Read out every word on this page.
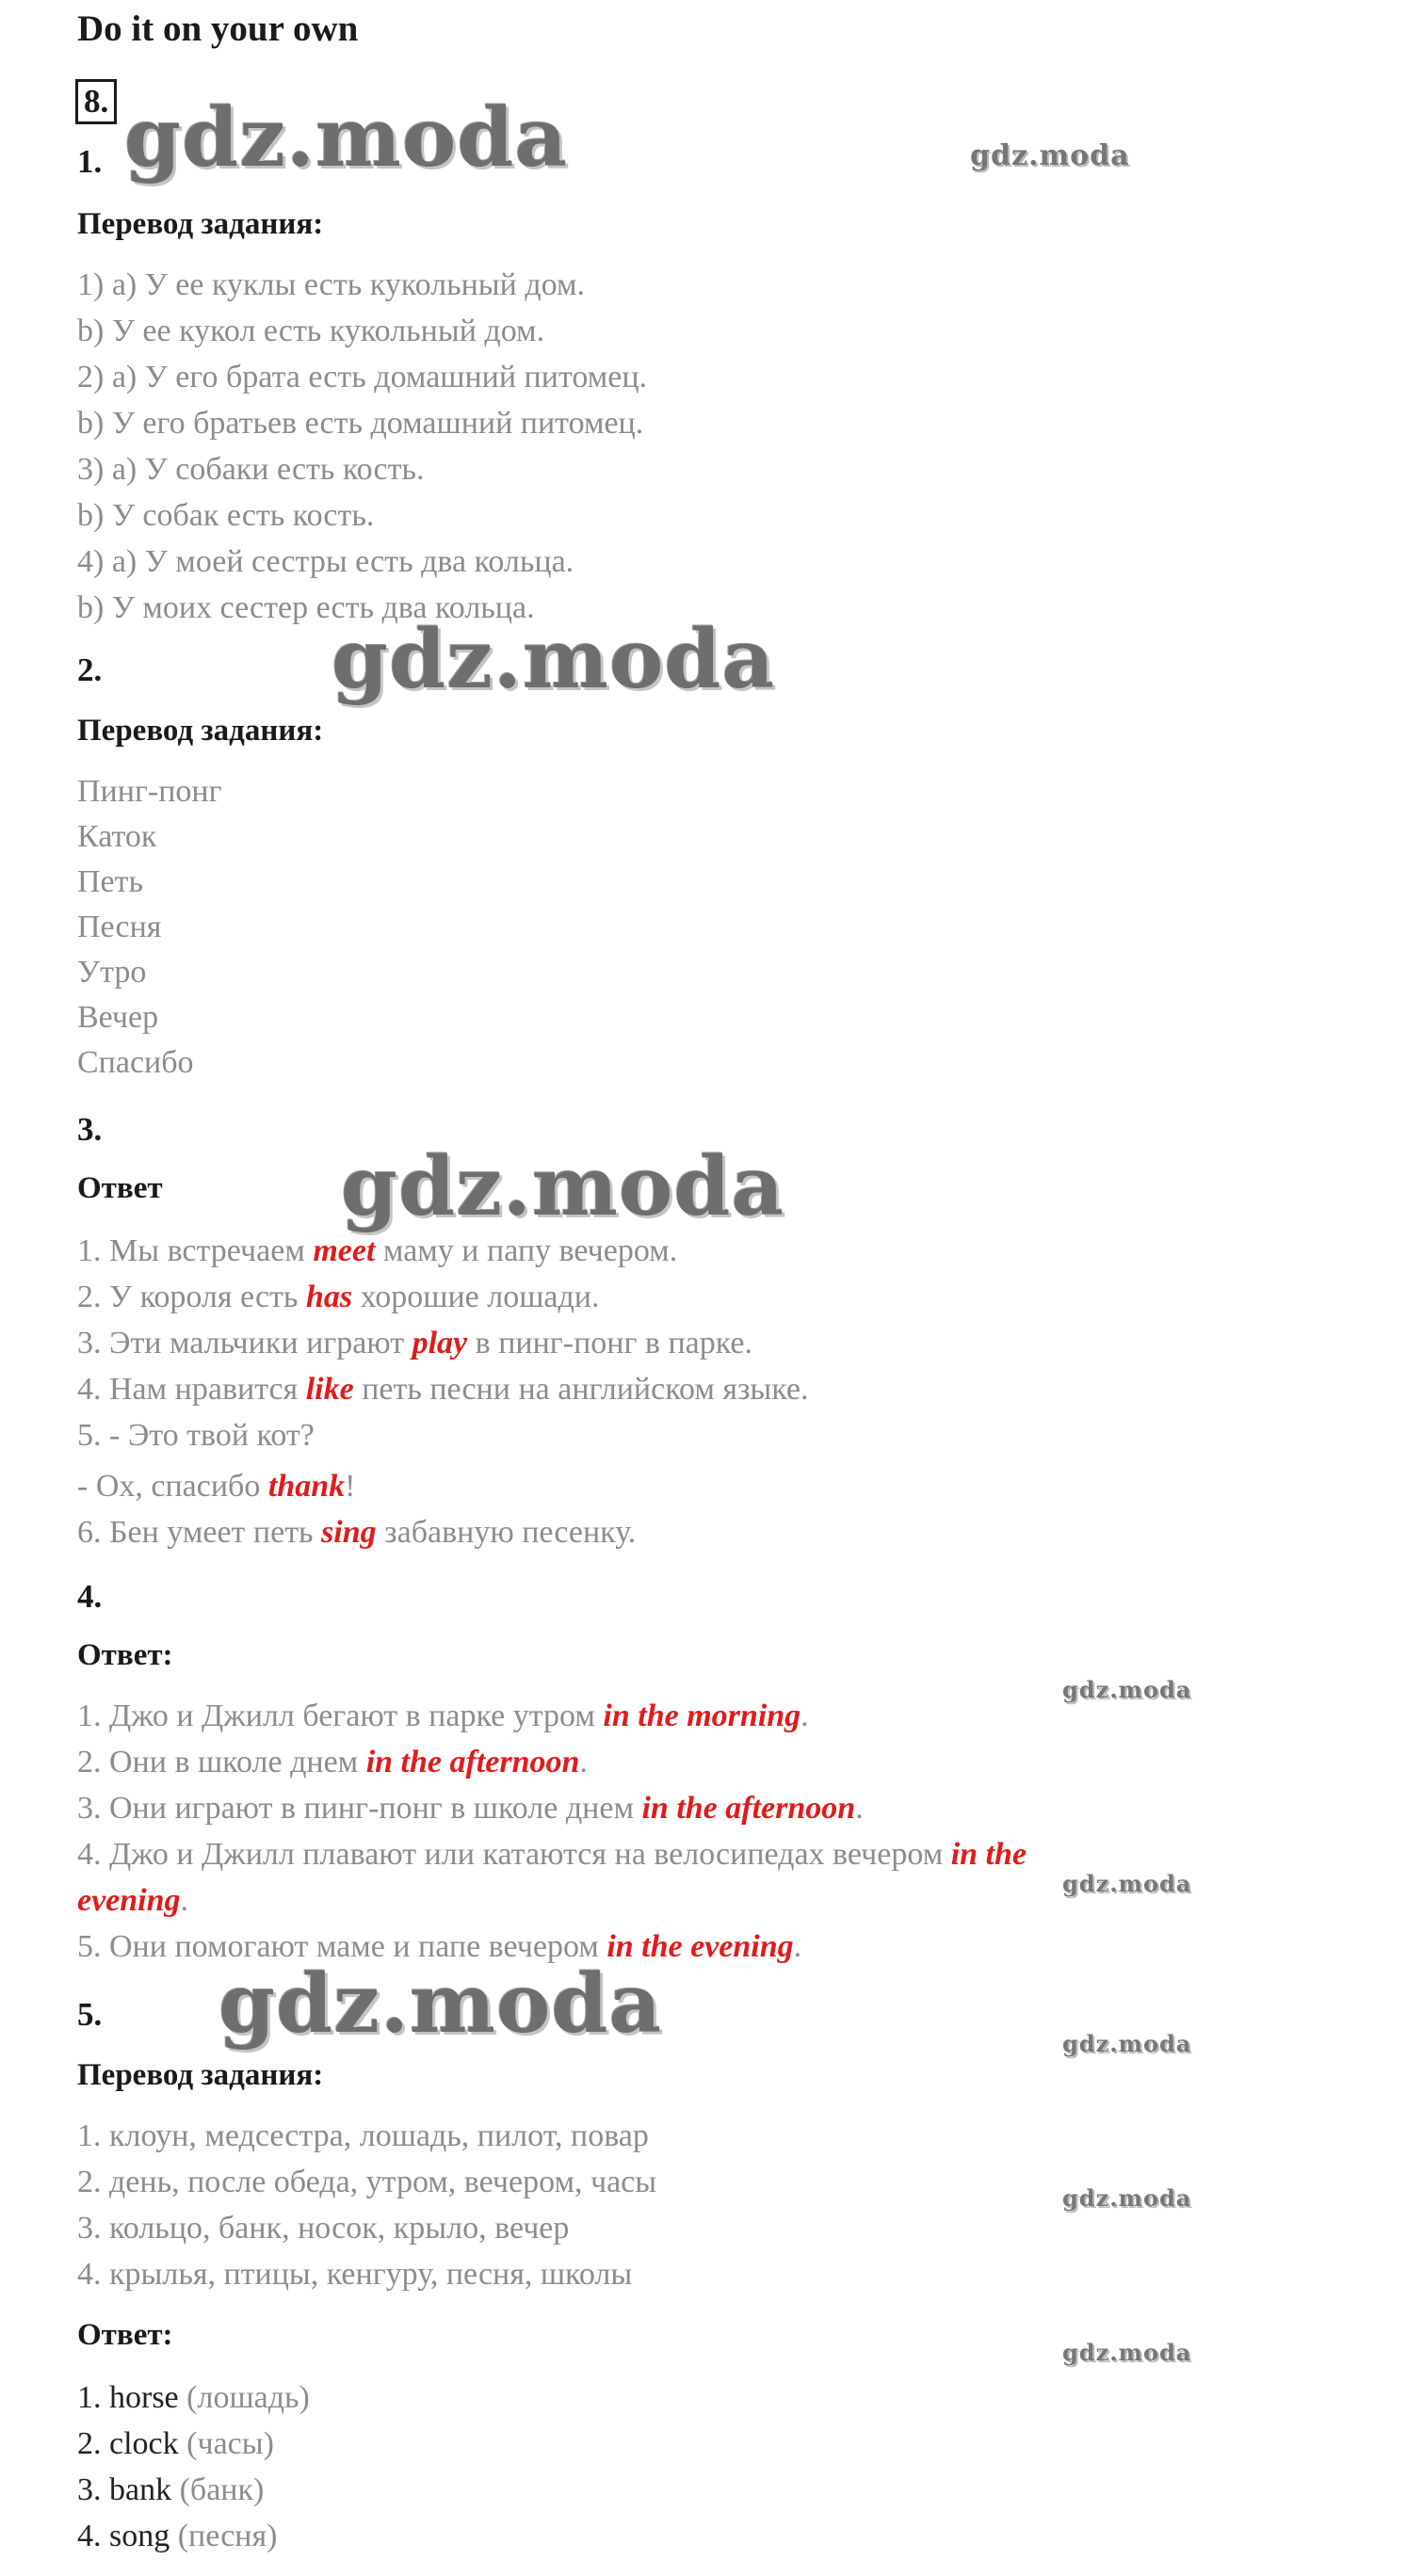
Do it on your own
8.
1. gdz.moda	gdz.moda
Перевод задания:
1) a) У ее куклы есть кукольный дом.
b) У ее кукол есть кукольный дом.
2) a) У его брата есть домашний питомец.
b) У его братьев есть домашний питомец.
3) a) У собаки есть кость.
b) У собак есть кость.
4) a) У моей сестры есть два кольца.
b) У моих сестер есть два кольца.
2.	gdz.moda
Перевод задания:
Пинг-понг
Каток
Петь
Песня
Утро
Вечер
Спасибо
3.
Ответ gdz.moda
1. Мы встречаем meet маму и папу вечером.
2. У короля есть has хорошие лошади.
3. Эти мальчики играют play в пинг-понг в парке.
4. Нам нравится like петь песни на английском языке.
5. - Это твой кот?
- Ох, спасибо thank!
6. Бен умеет петь sing забавную песенку.
4.
Ответ:
gdz.moda
1. Джо и Джилл бегают в парке утром in the morning.
2. Они в школе днем in the afternoon.
3. Они играют в пинг-понг в школе днем in the afternoon.
4. Джо и Джилл плавают или катаются на велосипедах вечером in the
gdz.moda
evening.
5. Они помогают маме и папе вечером in the evening.
5. gdz.moda	gdz.moda
Перевод задания:
1. клоун, медсестра, лошадь, пилот, повар
2. день, после обеда, утром, вечером, часы	gdz.moda
3. кольцо, банк, носок, крыло, вечер
4. крылья, птицы, кенгуру, песня, школы
Ответ:
gdz.moda
1. horse (лошадь)
2. clock (часы)
3. bank (банк)
4. song (песня)
